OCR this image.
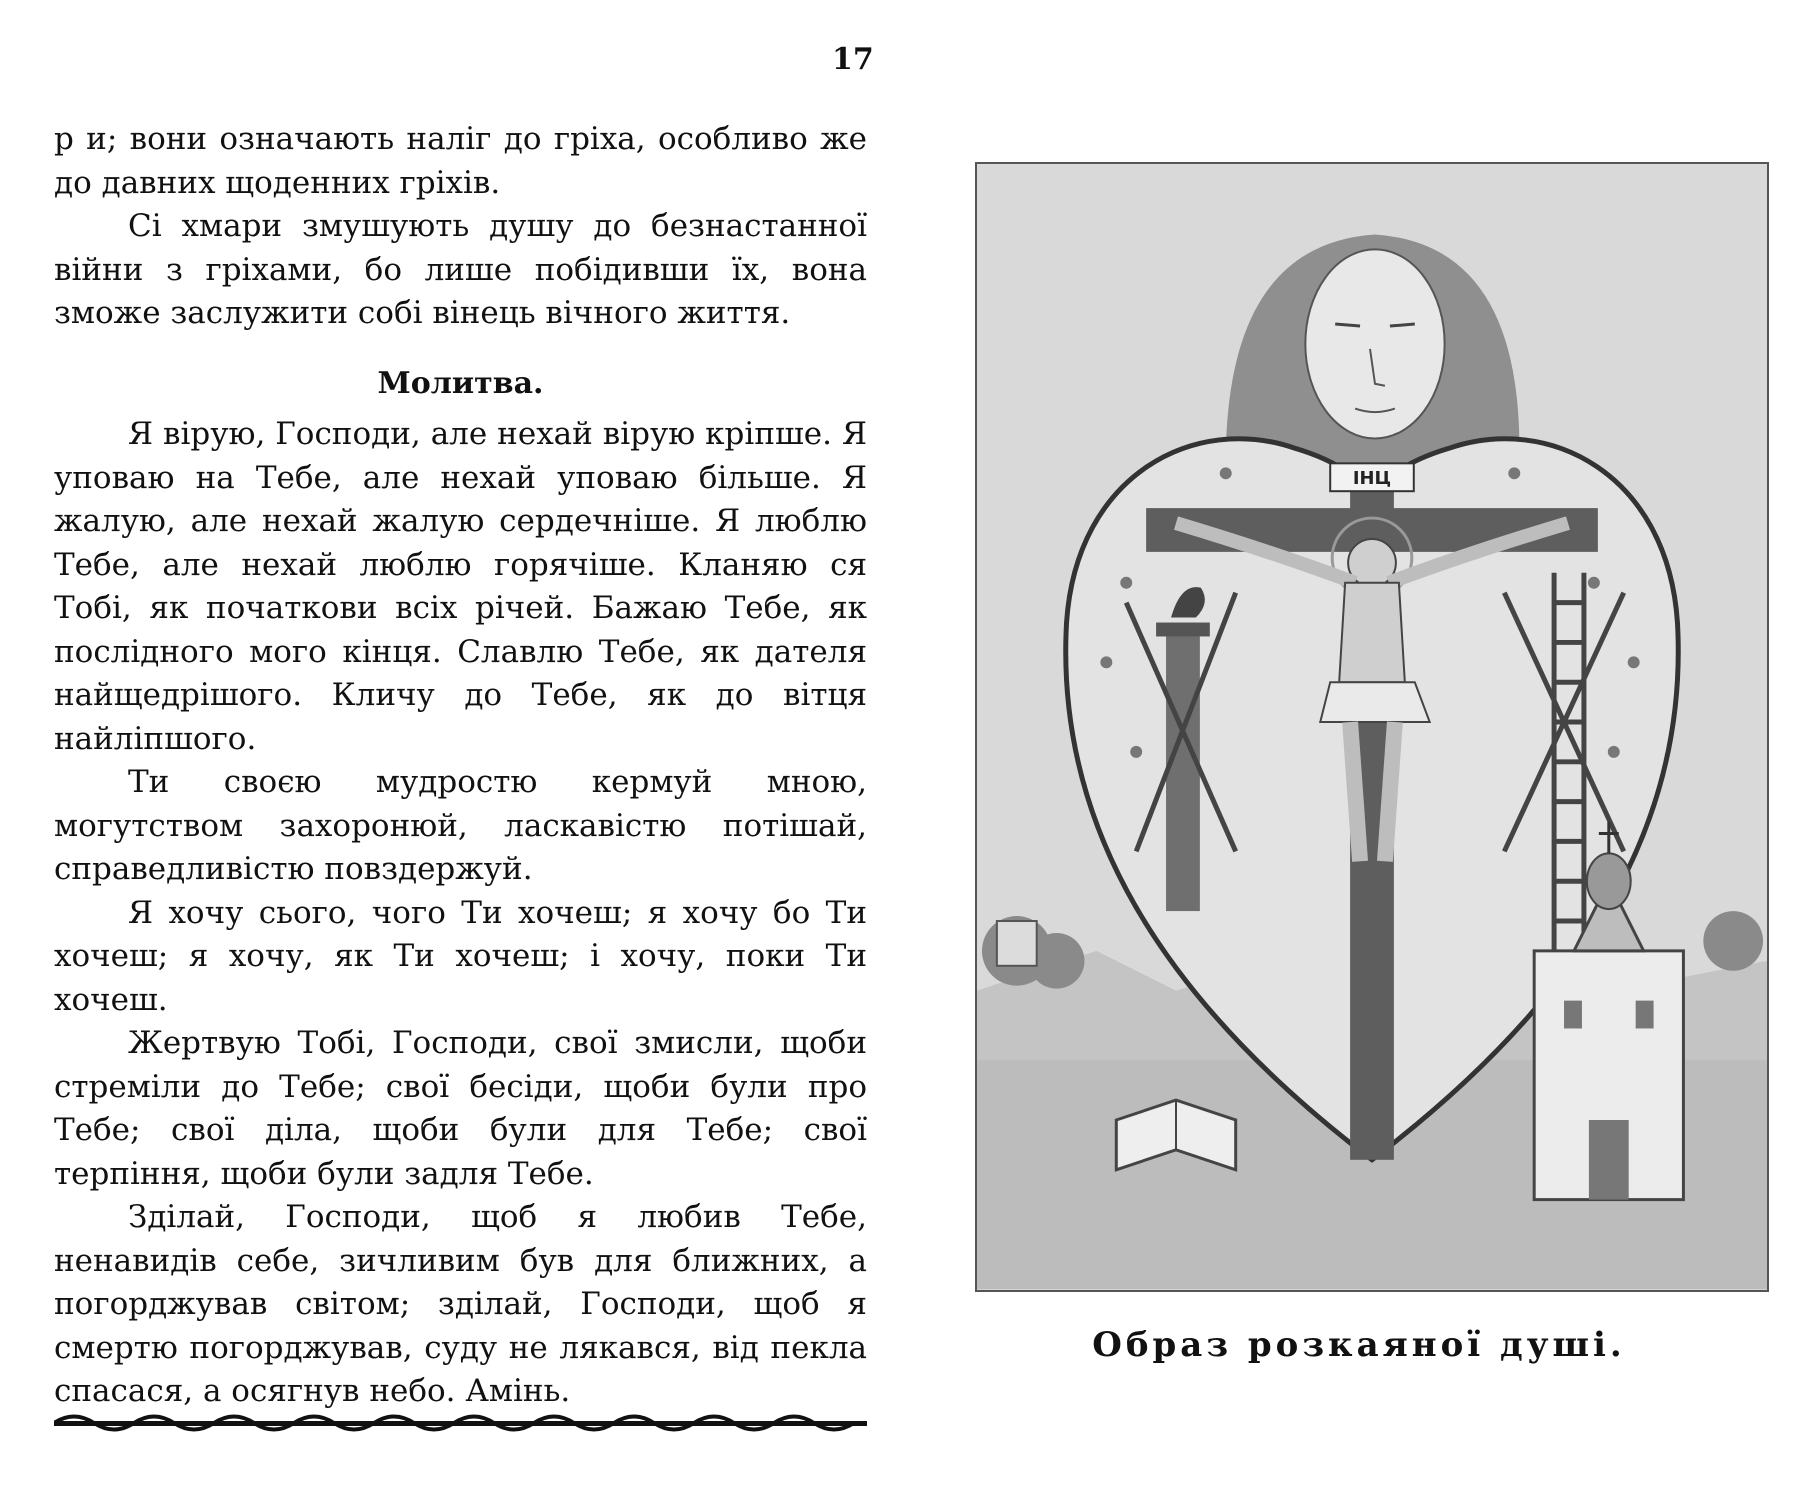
17

р и; вони означають наліг до гріха, особливо же до давних щоденних гріхів.

Сі хмари змушують душу до безнастанної війни з гріхами, бо лише побідивши їх, вона зможе заслужити собі вінець вічного життя.

Молитва.

Я вірую, Господи, але нехай вірую кріпше. Я уповаю на Тебе, але нехай уповаю більше. Я жалую, але нехай жалую сердечніше. Я люблю Тебе, але нехай люблю горячіше. Кланяю ся Тобі, як початкови всіх річей. Бажаю Тебе, як послідного мого кінця. Славлю Тебе, як дателя найщедрішого. Кличу до Тебе, як до вітця найліпшого.

Ти своєю мудростю кермуй мною, могутством захоронюй, ласкавістю потішай, справедливістю повздержуй.

Я хочу сього, чого Ти хочеш; я хочу бо Ти хочеш; я хочу, як Ти хочеш; і хочу, поки Ти хочеш.

Жертвую Тобі, Господи, свої змисли, щоби стреміли до Тебе; свої бесіди, щоби були про Тебе; свої діла, щоби були для Тебе; свої терпіння, щоби були задля Тебе.

Зділай, Господи, щоб я любив Тебе, ненавидів себе, зичливим був для ближних, а погорджував світом; зділай, Господи, щоб я смертю погорджував, суду не лякався, від пекла спасася, а осягнув небо. Амінь.

ІНЦ
Образ розкаяної душі.
